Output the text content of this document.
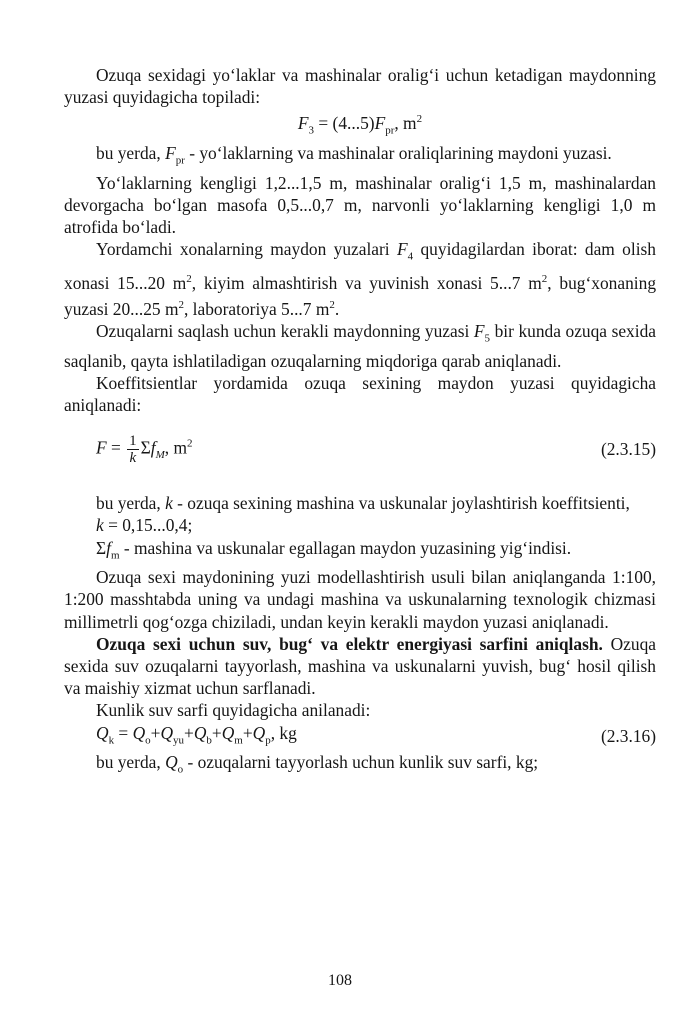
Ozuqa sexidagi yo‘laklar va mashinalar oralig‘i uchun ketadigan maydonning yuzasi quyidagicha topiladi:

$F_3 = (4...5)F_{pr}$, $m^2$

bu yerda, $F_{pr}$ - yo‘laklarning va mashinalar oraliqlarining maydoni yuzasi.

Yo‘laklarning kengligi 1,2...1,5 m, mashinalar oralig‘i 1,5 m, mashinalardan devorgacha bo‘lgan masofa 0,5...0,7 m, narvonli yo‘laklarning kengligi 1,0 m atrofida bo‘ladi.

Yordamchi xonalarning maydon yuzalari $F_4$ quyidagilardan iborat: dam olish xonasi 15...20 $m^2$, kiyim almashtirish va yuvinish xonasi 5...7 $m^2$, bug‘xonaning yuzasi 20...25 $m^2$, laboratoriya 5...7 $m^2$.

Ozuqalarni saqlash uchun kerakli maydonning yuzasi $F_5$ bir kunda ozuqa sexida saqlanib, qayta ishlatiladigan ozuqalarning miqdoriga qarab aniqlanadi.

Koeffitsientlar yordamida ozuqa sexining maydon yuzasi quyidagicha aniqlanadi:

$F = \frac{1}{k} \Sigma f_M$, $m^2$	(2.3.15)

bu yerda, k - ozuqa sexining mashina va uskunalar joylashtirish koeffitsienti,

k = 0,15...0,4;

$\Sigma f_m$ - mashina va uskunalar egallagan maydon yuzasining yig‘indisi.

Ozuqa sexi maydonining yuzi modellashtirish usuli bilan aniqlanganda 1:100, 1:200 masshtabda uning va undagi mashina va uskunalarning texnologik chizmasi millimetrli qog‘ozga chiziladi, undan keyin kerakli maydon yuzasi aniqlanadi.

Ozuqa sexi uchun suv, bug‘ va elektr energiyasi sarfini aniqlash. Ozuqa sexida suv ozuqalarni tayyorlash, mashina va uskunalarni yuvish, bug‘ hosil qilish va maishiy xizmat uchun sarflanadi.

Kunlik suv sarfi quyidagicha anilanadi:

$Q_k = Q_o+Q_{yu}+Q_b+Q_m+Q_p$, kg	(2.3.16)

bu yerda, $Q_o$ - ozuqalarni tayyorlash uchun kunlik suv sarfi, kg;

108
